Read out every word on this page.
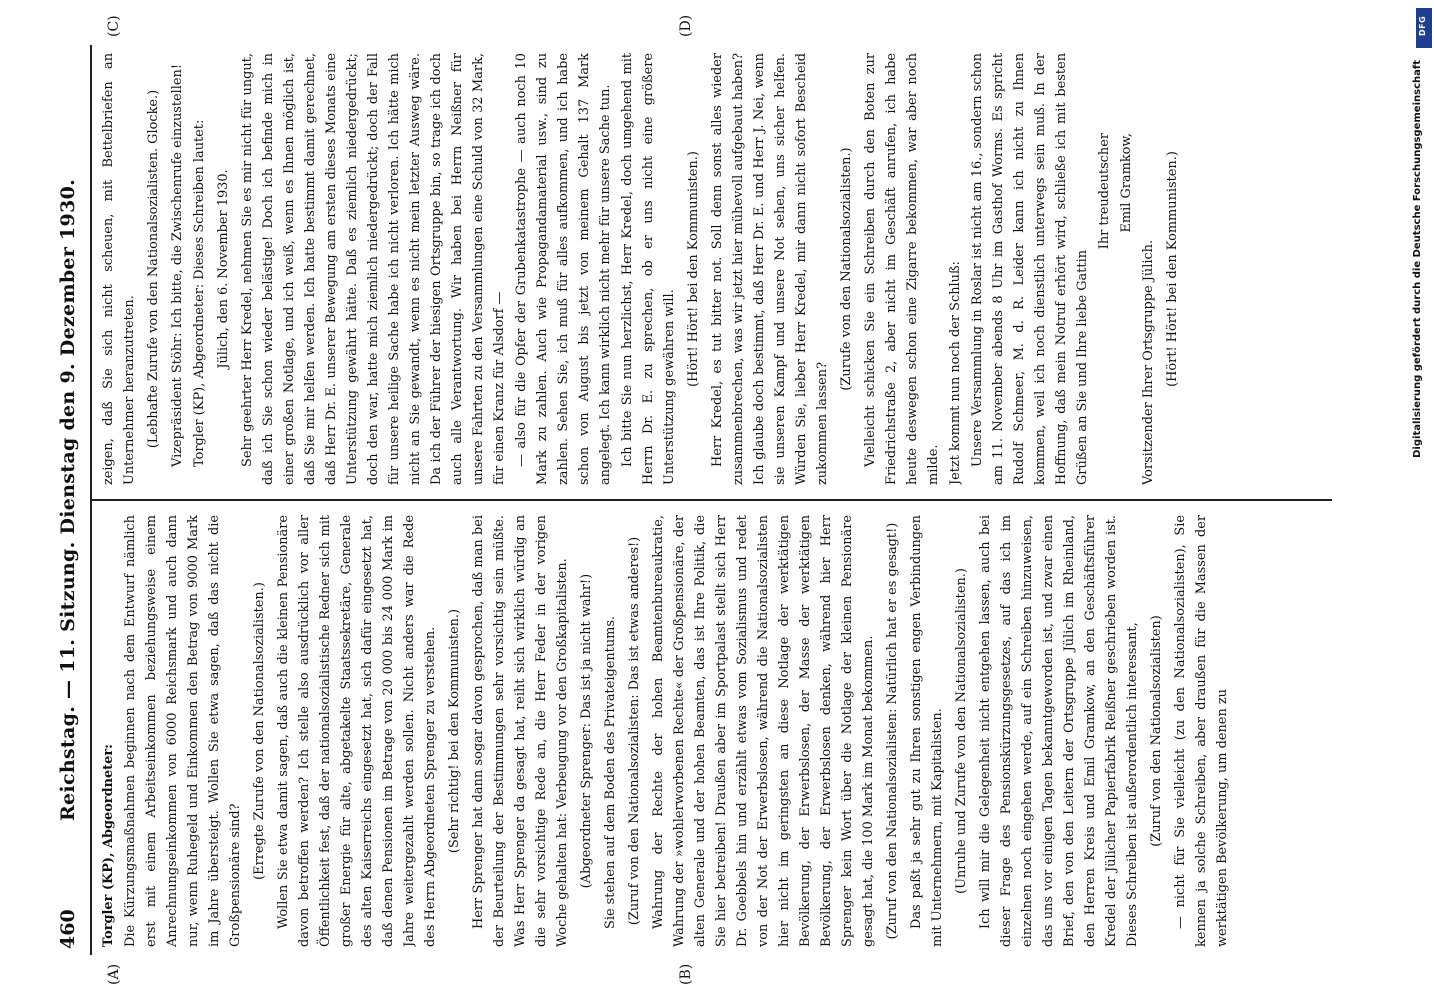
460
Reichstag. — 11. Sitzung. Dienstag den 9. Dezember 1930.
(A)	(B)
(C)	(D)

Torgler (KP), Abgeordneter: Die Kürzungsmaßnahmen beginnen nach dem Entwurf nämlich erst mit einem Arbeitseinkommen beziehungsweise einem Anrechnungseinkommen von 6000 Reichsmark und auch dann nur, wenn Ruhegeld und Einkommen den Betrag von 9000 Mark im Jahre übersteigt. Wollen Sie etwa sagen, daß das nicht die Großpensionäre sind? (Erregte Zurufe von den Nationalsozialisten.) Wollen Sie etwa damit sagen, daß auch die kleinen Pensionäre davon betroffen werden? Ich stelle also ausdrücklich vor aller Öffentlichkeit fest, daß der nationalsozialistische Redner sich mit großer Energie für alte, abgetakelte Staatssekretäre, Generale des alten Kaiserreichs eingesetzt hat, sich dafür eingesetzt hat, daß denen Pensionen im Betrage von 20 000 bis 24 000 Mark im Jahre weitergezahlt werden sollen. Nicht anders war die Rede des Herrn Abgeordneten Sprenger zu verstehen. (Sehr richtig! bei den Kommunisten.) Herr Sprenger hat dann sogar davon gesprochen, daß man bei der Beurteilung der Bestimmungen sehr vorsichtig sein müßte. Was Herr Sprenger da gesagt hat, reiht sich wirklich würdig an die sehr vorsichtige Rede an, die Herr Feder in der vorigen Woche gehalten hat: Verbeugung vor den Großkapitalisten. (Abgeordneter Sprenger: Das ist ja nicht wahr!) Sie stehen auf dem Boden des Privateigentums. (Zuruf von den Nationalsozialisten: Das ist etwas anderes!) Wahrung der Rechte der hohen Beamtenbureaukratie, Wahrung der »wohlerworbenen Rechte« der Großpensionäre, der alten Generale und der hohen Beamten, das ist Ihre Politik, die Sie hier betreiben! Draußen aber im Sportpalast stellt sich Herr Dr. Goebbels hin und erzählt etwas vom Sozialismus und redet von der Not der Erwerbslosen, während die Nationalsozialisten hier nicht im geringsten an diese Notlage der werktätigen Bevölkerung, der Erwerbslosen, der Masse der werktätigen Bevölkerung, der Erwerbslosen denken, während hier Herr Sprenger kein Wort über die Notlage der kleinen Pensionäre gesagt hat, die 100 Mark im Monat bekommen. (Zuruf von den Nationalsozialisten: Natürlich hat er es gesagt!) Das paßt ja sehr gut zu Ihren sonstigen engen Verbindungen mit Unternehmern, mit Kapitalisten. (Unruhe und Zurufe von den Nationalsozialisten.) Ich will mir die Gelegenheit nicht entgehen lassen, auch bei dieser Frage des Pensionskürzungsgesetzes, auf das ich im einzelnen noch eingehen werde, auf ein Schreiben hinzuweisen, das uns vor einigen Tagen bekanntgeworden ist, und zwar einen Brief, den von den Leitern der Ortsgruppe Jülich im Rheinland, den Herren Kreis und Emil Gramkow, an den Geschäftsführer Kredel der Jülicher Papierfabrik Reißner geschrieben worden ist. Dieses Schreiben ist außerordentlich interessant, (Zuruf von den Nationalsozialisten) — nicht für Sie vielleicht (zu den Nationalsozialisten), Sie kennen ja solche Schreiben, aber draußen für die Massen der werktätigen Bevölkerung, um denen zu

zeigen, daß Sie sich nicht scheuen, mit Bettelbriefen an Unternehmer heranzutreten. (Lebhafte Zurufe von den Nationalsozialisten. Glocke.) Vizepräsident Stöhr: Ich bitte, die Zwischenrufe einzustellen! Torgler (KP), Abgeordneter: Dieses Schreiben lautet: Jülich, den 6. November 1930. Sehr geehrter Herr Kredel, nehmen Sie es mir nicht für ungut, daß ich Sie schon wieder belästige! Doch ich befinde mich in einer großen Notlage, und ich weiß, wenn es Ihnen möglich ist, daß Sie mir helfen werden. Ich hatte bestimmt damit gerechnet, daß Herr Dr. E. unserer Bewegung am ersten dieses Monats eine Unterstützung gewährt hätte. Daß es ziemlich niedergedrückt; doch den war, hatte mich ziemlich niedergedrückt; doch der Fall für unsere heilige Sache habe ich nicht verloren. Ich hätte mich nicht an Sie gewandt, wenn es nicht mein letzter Ausweg wäre. Da ich der Führer der hiesigen Ortsgruppe bin, so trage ich doch auch alle Verantwortung. Wir haben bei Herrn Neißner für unsere Fahrten zu den Versammlungen eine Schuld von 32 Mark, für einen Kranz für Alsdorf — — also für die Opfer der Grubenkatastrophe — auch noch 10 Mark zu zahlen. Auch wie Propagandamaterial usw., sind zu zahlen. Sehen Sie, ich muß für alles aufkommen, und ich habe schon von August bis jetzt von meinem Gehalt 137 Mark angelegt. Ich kann wirklich nicht mehr für unsere Sache tun. Ich bitte Sie nun herzlichst, Herr Kredel, doch umgehend mit Herrn Dr. E. zu sprechen, ob er uns nicht eine größere Unterstützung gewähren will.

(Hört! Hört! bei den Kommunisten.) Herr Kredel, es tut bitter not. Soll denn sonst alles wieder zusammenbrechen, was wir jetzt hier mühevoll aufgebaut haben? Ich glaube doch bestimmt, daß Herr Dr. E. und Herr J. Nei, wenn sie unseren Kampf und unsere Not sehen, uns sicher helfen. Würden Sie, lieber Herr Kredel, mir dann nicht sofort Bescheid zukommen lassen?

(Zurufe von den Nationalsozialisten.) Vielleicht schicken Sie ein Schreiben durch den Boten zur Friedrichstraße 2, aber nicht im Geschäft anrufen, ich habe heute deswegen schon eine Zigarre bekommen, war aber noch milde. Jetzt kommt nun noch der Schluß: Unsere Versammlung in Roslar ist nicht am 16., sondern schon am 11. November abends 8 Uhr im Gasthof Worms. Es spricht Rudolf Schmeer, M. d. R. Leider kann ich nicht zu Ihnen kommen, weil ich noch dienstlich unterwegs sein muß. In der Hoffnung, daß mein Notruf erhört wird, schließe ich mit besten Grüßen an Sie und Ihre liebe Gattin

Ihr treudeutscher Emil Gramkow,

Vorsitzender Ihrer Ortsgruppe Jülich. (Hört! Hört! bei den Kommunisten.)	Digitalisierung gefördert durch die Deutsche Forschungsgemeinschaft
DFG
